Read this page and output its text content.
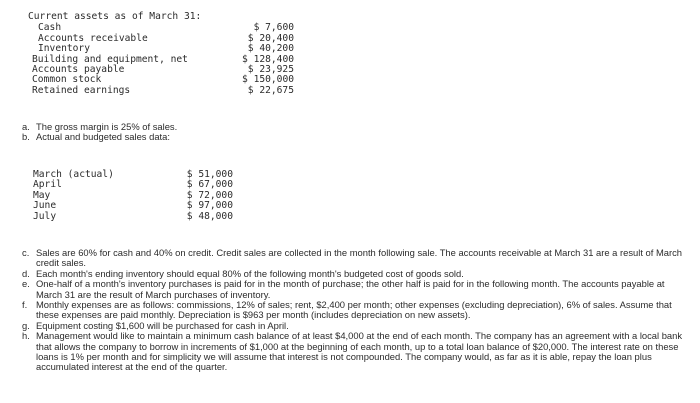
Current assets as of March 31:
Cash	$ 7,600
Accounts receivable	$ 20,400
Inventory	$ 40,200
Building and equipment, net	$ 128,400
Accounts payable	$ 23,925
Common stock	$ 150,000
Retained earnings	$ 22,675
a. The gross margin is 25% of sales.
b. Actual and budgeted sales data:
March (actual)	$ 51,000
April	$ 67,000
May	$ 72,000
June	$ 97,000
July	$ 48,000
c. Sales are 60% for cash and 40% on credit. Credit sales are collected in the month following sale. The accounts receivable at March 31 are a result of March credit sales.
d. Each month's ending inventory should equal 80% of the following month's budgeted cost of goods sold.
e. One-half of a month's inventory purchases is paid for in the month of purchase; the other half is paid for in the following month. The accounts payable at March 31 are the result of March purchases of inventory.
f. Monthly expenses are as follows: commissions, 12% of sales; rent, $2,400 per month; other expenses (excluding depreciation), 6% of sales. Assume that these expenses are paid monthly. Depreciation is $963 per month (includes depreciation on new assets).
g. Equipment costing $1,600 will be purchased for cash in April.
h. Management would like to maintain a minimum cash balance of at least $4,000 at the end of each month. The company has an agreement with a local bank that allows the company to borrow in increments of $1,000 at the beginning of each month, up to a total loan balance of $20,000. The interest rate on these loans is 1% per month and for simplicity we will assume that interest is not compounded. The company would, as far as it is able, repay the loan plus accumulated interest at the end of the quarter.
